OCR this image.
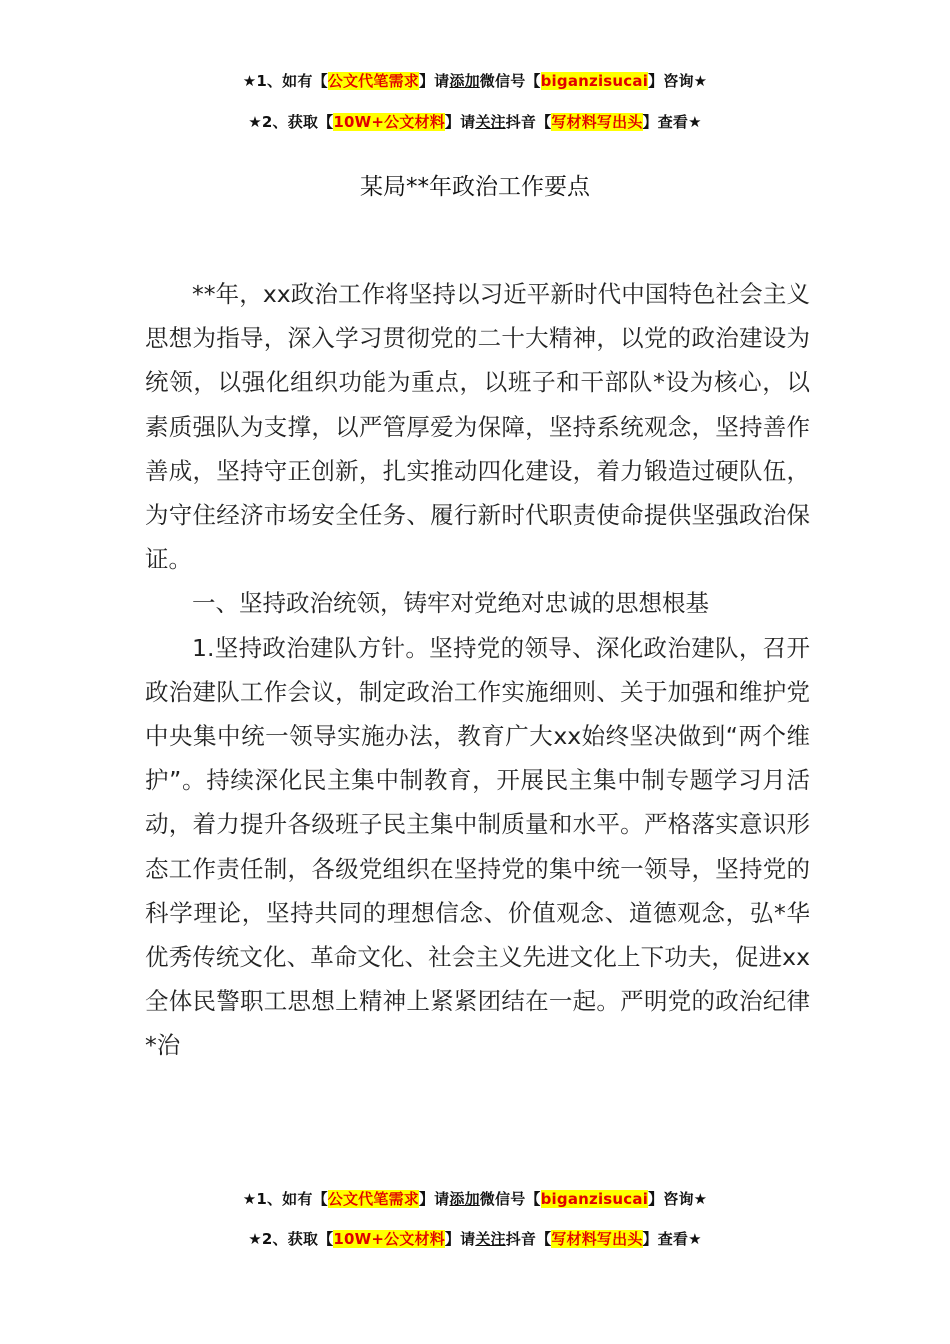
★1、如有【公文代笔需求】请添加微信号【biganzisucai】咨询★
★2、获取【10W+公文材料】请关注抖音【写材料写出头】查看★
某局**年政治工作要点

**年，xx政治工作将坚持以习近平新时代中国特色社会主义思想为指导，深入学习贯彻党的二十大精神，以党的政治建设为统领，以强化组织功能为重点，以班子和干部队*设为核心，以素质强队为支撑，以严管厚爱为保障，坚持系统观念，坚持善作善成，坚持守正创新，扎实推动四化建设，着力锻造过硬队伍，为守住经济市场安全任务、履行新时代职责使命提供坚强政治保证。

一、坚持政治统领，铸牢对党绝对忠诚的思想根基

1.坚持政治建队方针。坚持党的领导、深化政治建队，召开政治建队工作会议，制定政治工作实施细则、关于加强和维护党中央集中统一领导实施办法，教育广大xx始终坚决做到“两个维护”。持续深化民主集中制教育，开展民主集中制专题学习月活动，着力提升各级班子民主集中制质量和水平。严格落实意识形态工作责任制，各级党组织在坚持党的集中统一领导，坚持党的科学理论，坚持共同的理想信念、价值观念、道德观念，弘*华优秀传统文化、革命文化、社会主义先进文化上下功夫，促进xx全体民警职工思想上精神上紧紧团结在一起。严明党的政治纪律*治

★1、如有【公文代笔需求】请添加微信号【biganzisucai】咨询★
★2、获取【10W+公文材料】请关注抖音【写材料写出头】查看★
